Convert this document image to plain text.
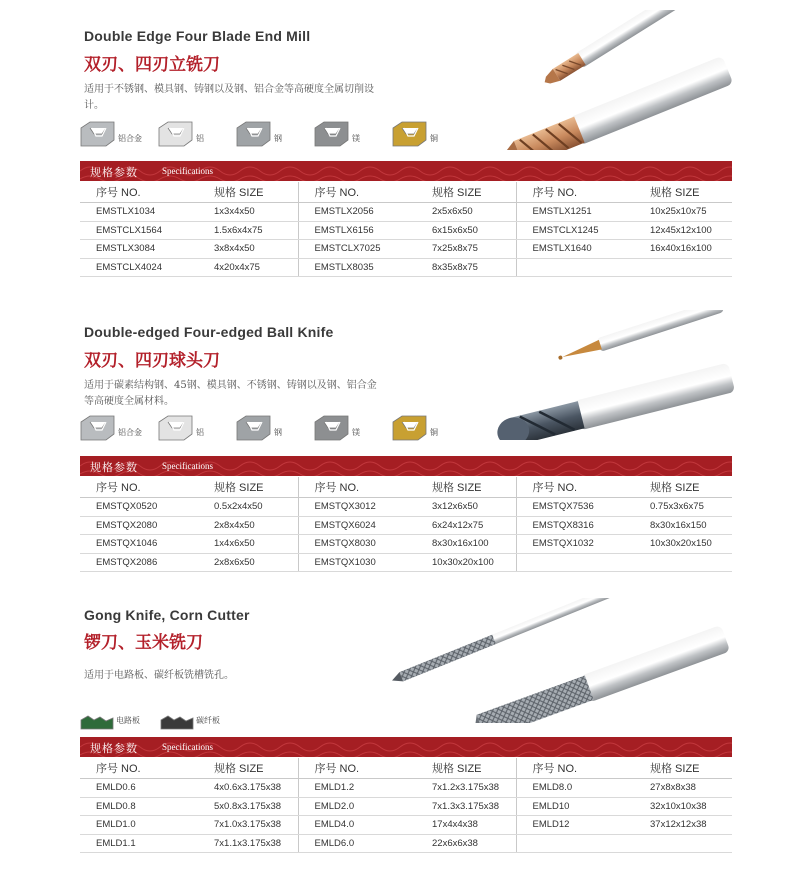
Double Edge Four Blade End Mill
双刃、四刃立铣刀
适用于不锈钢、模具钢、铸钢以及钢、铝合金等高硬度全属切削设计。
铝合金	铝	钢	镁	铜
规格参数	Specifications
序号 NO.	规格 SIZE	序号 NO.	规格 SIZE	序号 NO.	规格 SIZE
EMSTLX1034	1x3x4x50	EMSTLX2056	2x5x6x50	EMSTLX1251	10x25x10x75
EMSTCLX1564	1.5x6x4x75	EMSTLX6156	6x15x6x50	EMSTCLX1245	12x45x12x100
EMSTLX3084	3x8x4x50	EMSTCLX7025	7x25x8x75	EMSTLX1640	16x40x16x100
EMSTCLX4024	4x20x4x75	EMSTLX8035	8x35x8x75		
Double-edged Four-edged Ball Knife
双刃、四刃球头刀
适用于碳素结构钢、45钢、模具钢、不锈钢、铸钢以及钢、铝合金等高硬度全属材料。
铝合金	铝	钢	镁	铜
规格参数	Specifications
序号 NO.	规格 SIZE	序号 NO.	规格 SIZE	序号 NO.	规格 SIZE
EMSTQX0520	0.5x2x4x50	EMSTQX3012	3x12x6x50	EMSTQX7536	0.75x3x6x75
EMSTQX2080	2x8x4x50	EMSTQX6024	6x24x12x75	EMSTQX8316	8x30x16x150
EMSTQX1046	1x4x6x50	EMSTQX8030	8x30x16x100	EMSTQX1032	10x30x20x150
EMSTQX2086	2x8x6x50	EMSTQX1030	10x30x20x100		
Gong Knife, Corn Cutter
锣刀、玉米铣刀
适用于电路板、碳纤板铣槽铣孔。
电路板	碳纤板
规格参数	Specifications
序号 NO.	规格 SIZE	序号 NO.	规格 SIZE	序号 NO.	规格 SIZE
EMLD0.6	4x0.6x3.175x38	EMLD1.2	7x1.2x3.175x38	EMLD8.0	27x8x8x38
EMLD0.8	5x0.8x3.175x38	EMLD2.0	7x1.3x3.175x38	EMLD10	32x10x10x38
EMLD1.0	7x1.0x3.175x38	EMLD4.0	17x4x4x38	EMLD12	37x12x12x38
EMLD1.1	7x1.1x3.175x38	EMLD6.0	22x6x6x38		
